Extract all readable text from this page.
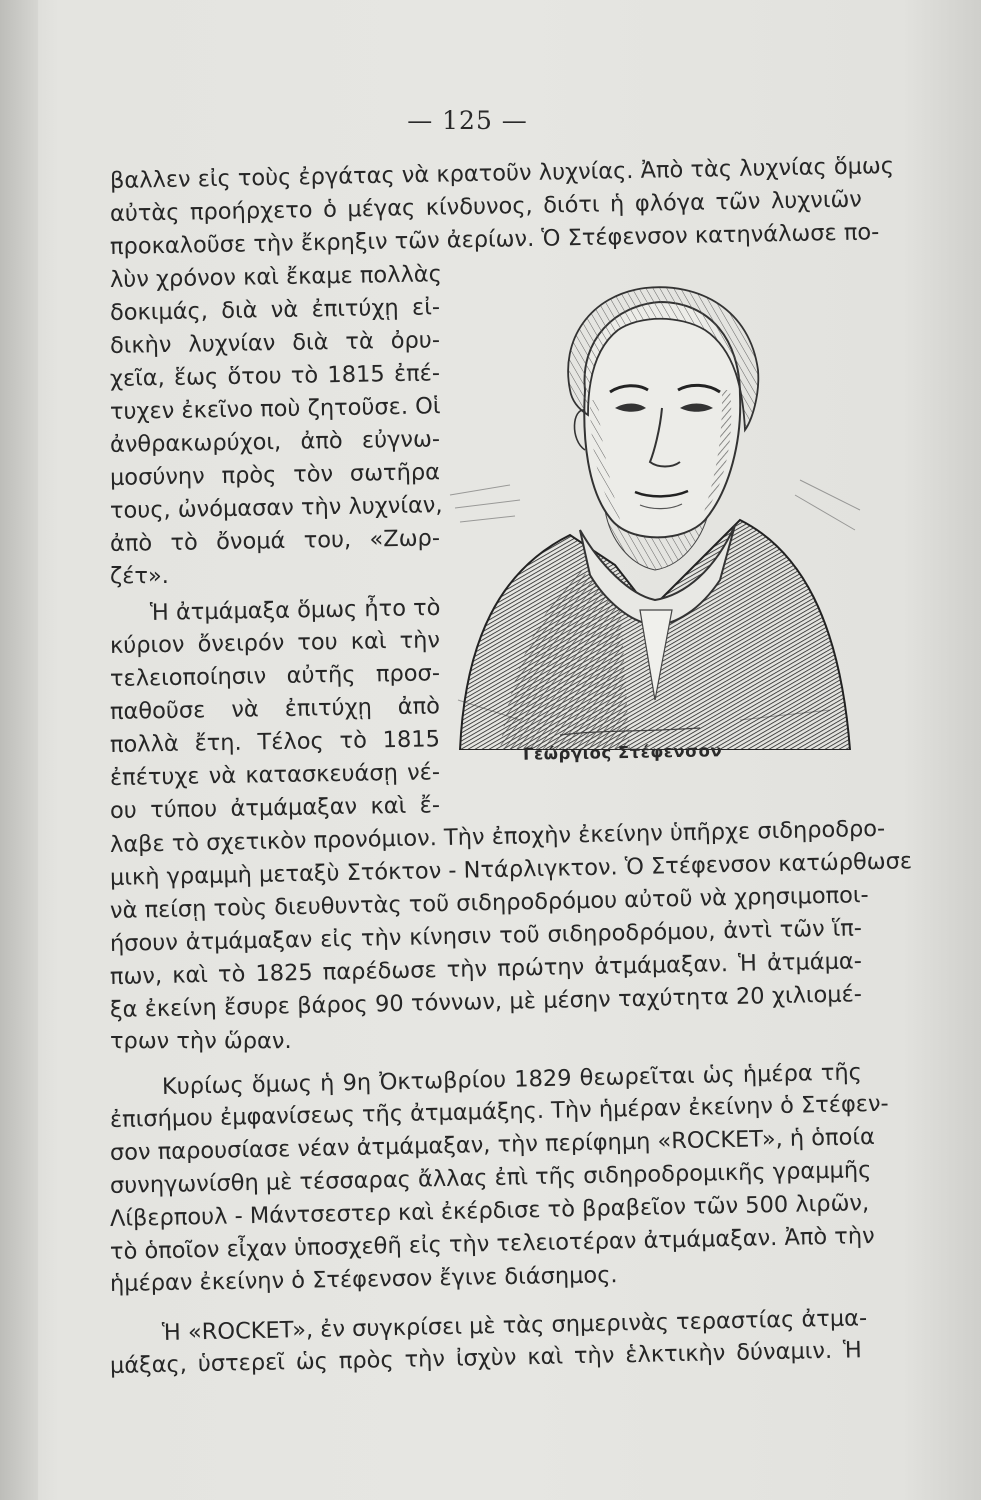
— 125 —
βαλλεν εἰς τοὺς ἐργάτας νὰ κρατοῦν λυχνίας. Ἀπὸ τὰς λυχνίας ὅμως
αὐτὰς προήρχετο ὁ μέγας κίνδυνος, διότι ἡ φλόγα τῶν λυχνιῶν
προκαλοῦσε τὴν ἔκρηξιν τῶν ἀερίων. Ὁ Στέφενσον κατηνάλωσε πο-
λὺν χρόνον καὶ ἔκαμε πολλὰς
δοκιμάς, διὰ νὰ ἐπιτύχῃ εἰ-
δικὴν λυχνίαν διὰ τὰ ὀρυ-
χεῖα, ἕως ὅτου τὸ 1815 ἐπέ-
τυχεν ἐκεῖνο ποὺ ζητοῦσε. Οἱ
ἀνθρακωρύχοι, ἀπὸ εὐγνω-
μοσύνην πρὸς τὸν σωτῆρα
τους, ὠνόμασαν τὴν λυχνίαν,
ἀπὸ τὸ ὄνομά του, «Ζωρ-
ζέτ».
Ἡ ἀτμάμαξα ὅμως ἦτο τὸ
κύριον ὄνειρόν του καὶ τὴν
τελειοποίησιν αὐτῆς προσ-
παθοῦσε νὰ ἐπιτύχῃ ἀπὸ
πολλὰ ἔτη. Τέλος τὸ 1815
ἐπέτυχε νὰ κατασκευάσῃ νέ-
ου τύπου ἀτμάμαξαν καὶ ἔ-
λαβε τὸ σχετικὸν προνόμιον. Τὴν ἐποχὴν ἐκείνην ὑπῆρχε σιδηροδρο-
μικὴ γραμμὴ μεταξὺ Στόκτον - Ντάρλιγκτον. Ὁ Στέφενσον κατώρθωσε
νὰ πείσῃ τοὺς διευθυντὰς τοῦ σιδηροδρόμου αὐτοῦ νὰ χρησιμοποι-
ήσουν ἀτμάμαξαν εἰς τὴν κίνησιν τοῦ σιδηροδρόμου, ἀντὶ τῶν ἵπ-
πων, καὶ τὸ 1825 παρέδωσε τὴν πρώτην ἀτμάμαξαν. Ἡ ἀτμάμα-
ξα ἐκείνη ἔσυρε βάρος 90 τόννων, μὲ μέσην ταχύτητα 20 χιλιομέ-
τρων τὴν ὥραν.
Κυρίως ὅμως ἡ 9η Ὀκτωβρίου 1829 θεωρεῖται ὡς ἡμέρα τῆς
ἐπισήμου ἐμφανίσεως τῆς ἀτμαμάξης. Τὴν ἡμέραν ἐκείνην ὁ Στέφεν-
σον παρουσίασε νέαν ἀτμάμαξαν, τὴν περίφημη «ROCKET», ἡ ὁποία
συνηγωνίσθη μὲ τέσσαρας ἄλλας ἐπὶ τῆς σιδηροδρομικῆς γραμμῆς
Λίβερπουλ - Μάντσεστερ καὶ ἐκέρδισε τὸ βραβεῖον τῶν 500 λιρῶν,
τὸ ὁποῖον εἶχαν ὑποσχεθῆ εἰς τὴν τελειοτέραν ἀτμάμαξαν. Ἀπὸ τὴν
ἡμέραν ἐκείνην ὁ Στέφενσον ἔγινε διάσημος.
Ἡ «ROCKET», ἐν συγκρίσει μὲ τὰς σημερινὰς τεραστίας ἀτμα-
μάξας, ὑστερεῖ ὡς πρὸς τὴν ἰσχὺν καὶ τὴν ἑλκτικὴν δύναμιν. Ἡ
Γεώργιος Στέφενσον
